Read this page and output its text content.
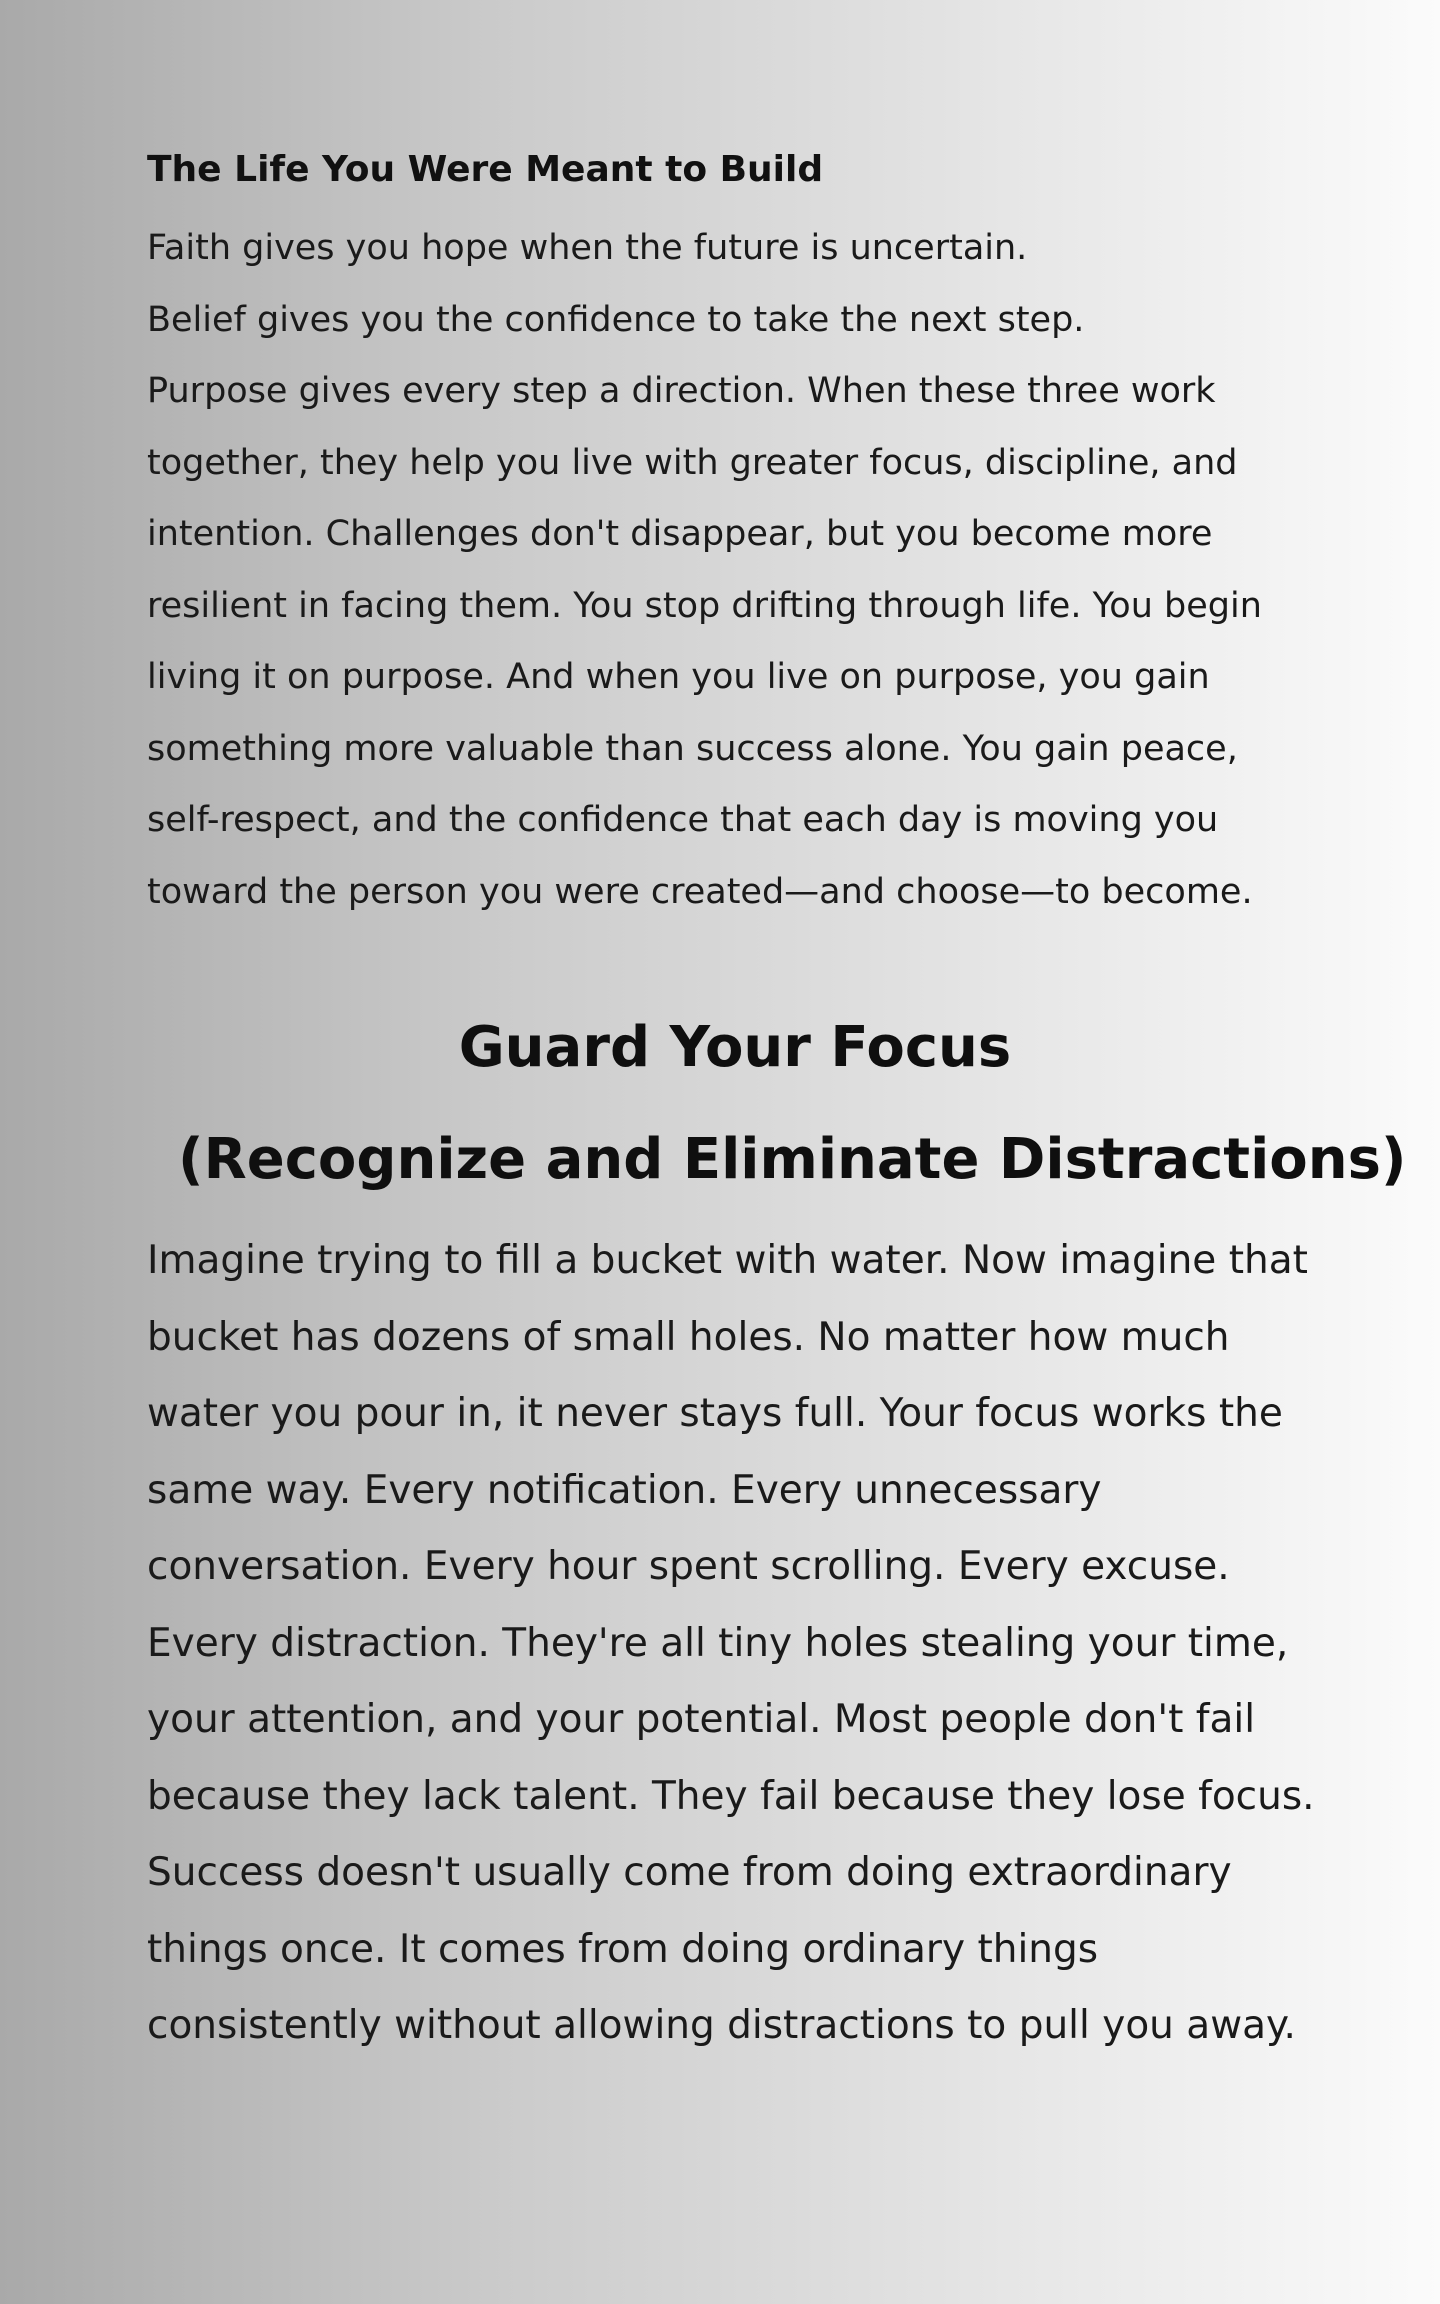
The Life You Were Meant to Build
Faith gives you hope when the future is uncertain.
Belief gives you the confidence to take the next step.
Purpose gives every step a direction. When these three work
together, they help you live with greater focus, discipline, and
intention. Challenges don't disappear, but you become more
resilient in facing them. You stop drifting through life. You begin
living it on purpose. And when you live on purpose, you gain
something more valuable than success alone. You gain peace,
self-respect, and the confidence that each day is moving you
toward the person you were created—and choose—to become.
Guard Your Focus
(Recognize and Eliminate Distractions)
Imagine trying to fill a bucket with water. Now imagine that
bucket has dozens of small holes. No matter how much
water you pour in, it never stays full. Your focus works the
same way. Every notification. Every unnecessary
conversation. Every hour spent scrolling. Every excuse.
Every distraction. They're all tiny holes stealing your time,
your attention, and your potential. Most people don't fail
because they lack talent. They fail because they lose focus.
Success doesn't usually come from doing extraordinary
things once. It comes from doing ordinary things
consistently without allowing distractions to pull you away.
